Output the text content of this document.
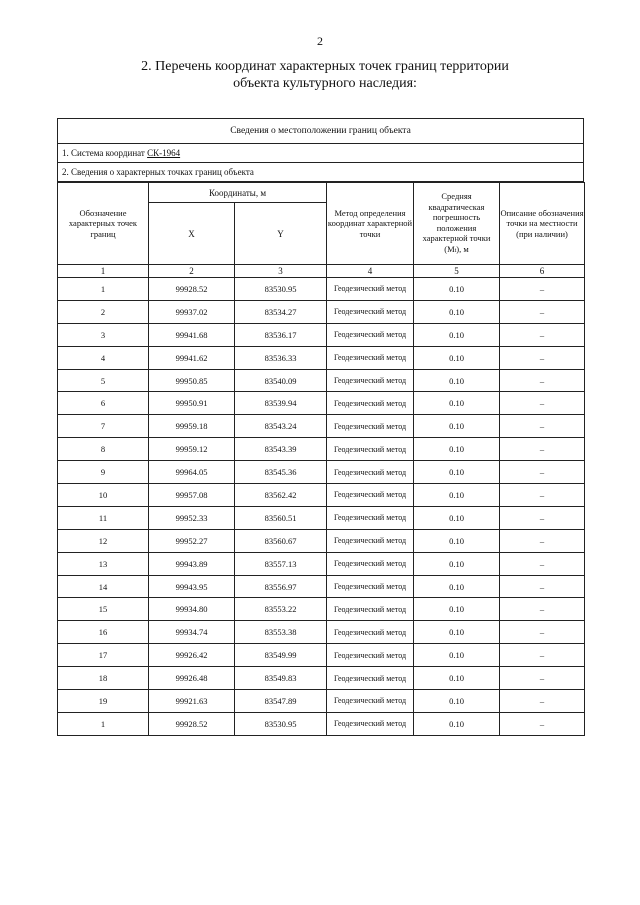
2
2. Перечень координат характерных точек границ территории
объекта культурного наследия:
Сведения о местоположении границ объекта
1. Система координат СК-1964
2. Сведения о характерных точках границ объекта
Обозначение характерных точек границ	Координаты, м		Метод определения координат характерной точки	Средняя квадратическая погрешность положения характерной точки (Mt), м	Описание обозначения точки на местности (при наличии)
	X	Y			
1	2	3	4	5	6
1	99928.52	83530.95	Геодезический метод	0.10	–
2	99937.02	83534.27	Геодезический метод	0.10	–
3	99941.68	83536.17	Геодезический метод	0.10	–
4	99941.62	83536.33	Геодезический метод	0.10	–
5	99950.85	83540.09	Геодезический метод	0.10	–
6	99950.91	83539.94	Геодезический метод	0.10	–
7	99959.18	83543.24	Геодезический метод	0.10	–
8	99959.12	83543.39	Геодезический метод	0.10	–
9	99964.05	83545.36	Геодезический метод	0.10	–
10	99957.08	83562.42	Геодезический метод	0.10	–
11	99952.33	83560.51	Геодезический метод	0.10	–
12	99952.27	83560.67	Геодезический метод	0.10	–
13	99943.89	83557.13	Геодезический метод	0.10	–
14	99943.95	83556.97	Геодезический метод	0.10	–
15	99934.80	83553.22	Геодезический метод	0.10	–
16	99934.74	83553.38	Геодезический метод	0.10	–
17	99926.42	83549.99	Геодезический метод	0.10	–
18	99926.48	83549.83	Геодезический метод	0.10	–
19	99921.63	83547.89	Геодезический метод	0.10	–
1	99928.52	83530.95	Геодезический метод	0.10	–
